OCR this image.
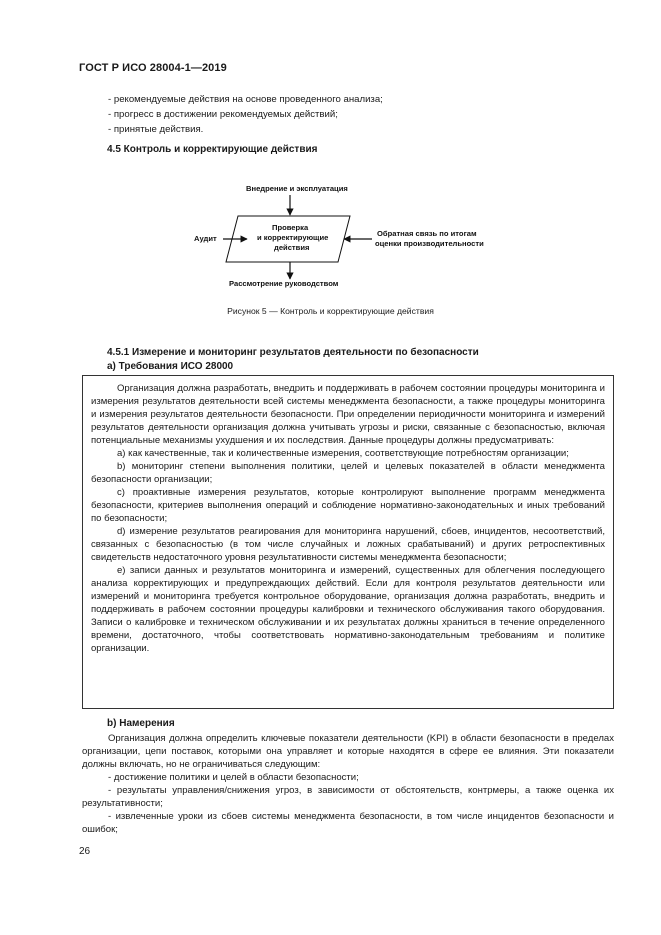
ГОСТ Р ИСО 28004-1—2019
- рекомендуемые действия на основе проведенного анализа;
- прогресс в достижении рекомендуемых действий;
- принятые действия.
4.5 Контроль и корректирующие действия
Внедрение и эксплуатация
Аудит
Проверка
и корректирующие
действия
Обратная связь по итогам
оценки производительности
Рассмотрение руководством
Рисунок 5 — Контроль и корректирующие действия
4.5.1 Измерение и мониторинг результатов деятельности по безопасности
а) Требования ИСО 28000

Организация должна разработать, внедрить и поддерживать в рабочем состоянии процедуры мониторинга и измерения результатов деятельности всей системы менеджмента безопасности, а также процедуры мониторинга и измерения результатов деятельности безопасности. При определении периодичности мониторинга и измерений результатов деятельности организация должна учитывать угрозы и риски, связанные с безопасностью, включая потенциальные механизмы ухудшения и их последствия. Данные процедуры должны предусматривать:

а) как качественные, так и количественные измерения, соответствующие потребностям организации;

b) мониторинг степени выполнения политики, целей и целевых показателей в области менеджмента безопасности организации;

c) проактивные измерения результатов, которые контролируют выполнение программ менеджмента безопасности, критериев выполнения операций и соблюдение нормативно-законодательных и иных требований по безопасности;

d) измерение результатов реагирования для мониторинга нарушений, сбоев, инцидентов, несоответствий, связанных с безопасностью (в том числе случайных и ложных срабатываний) и других ретроспективных свидетельств недостаточного уровня результативности системы менеджмента безопасности;

e) записи данных и результатов мониторинга и измерений, существенных для облегчения последующего анализа корректирующих и предупреждающих действий. Если для контроля результатов деятельности или измерений и мониторинга требуется контрольное оборудование, организация должна разработать, внедрить и поддерживать в рабочем состоянии процедуры калибровки и технического обслуживания такого оборудования. Записи о калибровке и техническом обслуживании и их результатах должны храниться в течение определенного времени, достаточного, чтобы соответствовать нормативно-законодательным требованиям и политике организации.

b) Намерения

Организация должна определить ключевые показатели деятельности (KPI) в области безопасности в пределах организации, цепи поставок, которыми она управляет и которые находятся в сфере ее влияния. Эти показатели должны включать, но не ограничиваться следующим:

- достижение политики и целей в области безопасности;
- результаты управления/снижения угроз, в зависимости от обстоятельств, контрмеры, а также оценка их результативности;
- извлеченные уроки из сбоев системы менеджмента безопасности, в том числе инцидентов безопасности и ошибок;
26
